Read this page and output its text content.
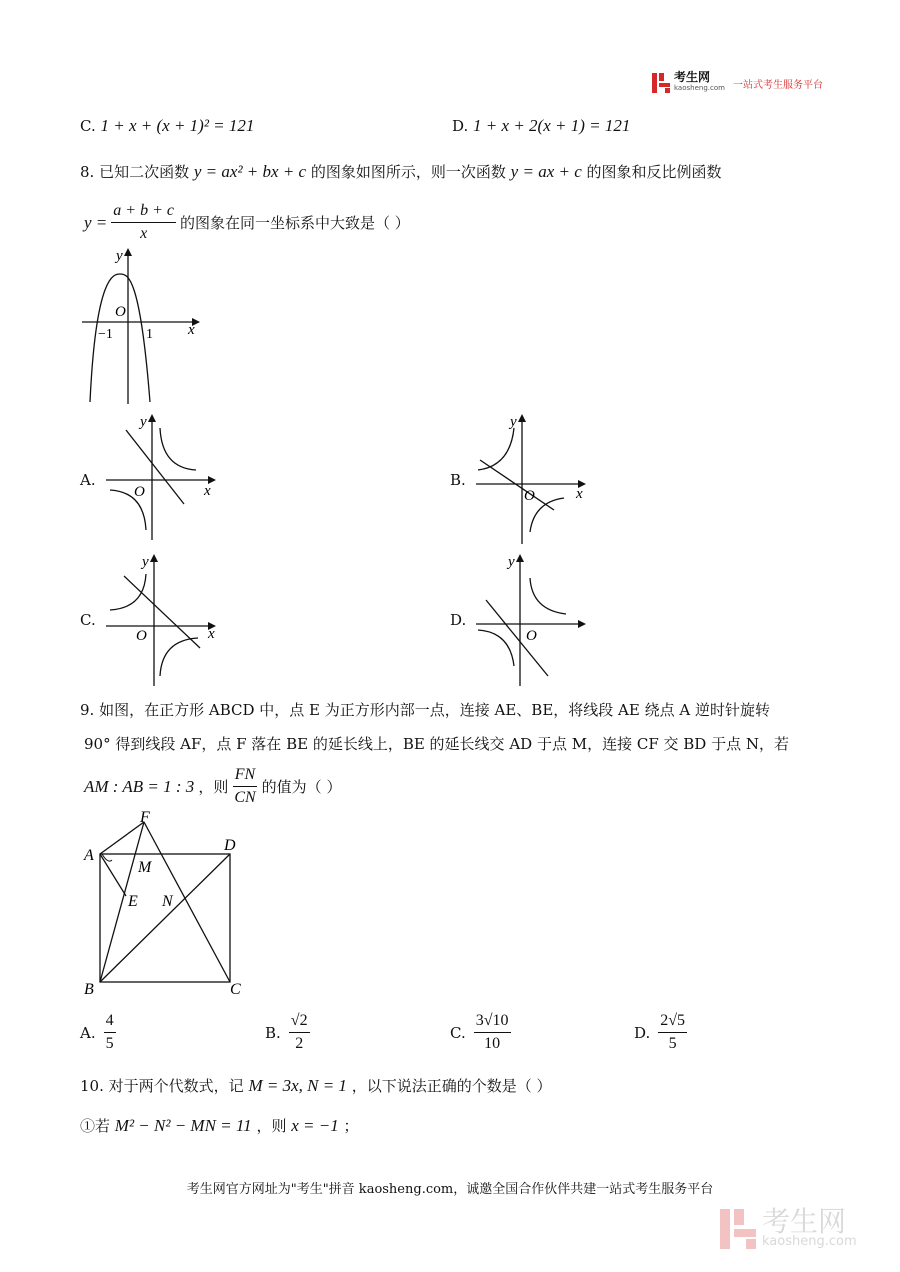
考生网
kaosheng.com 一站式考生服务平台
C. 1 + x + (x + 1)² = 121	D. 1 + x + 2(x + 1) = 121
8. 已知二次函数 y = ax² + bx + c 的图象如图所示，则一次函数 y = ax + c 的图象和反比例函数
$y = \frac{a + b + c}{x}$ 的图象在同一坐标系中大致是（ ）
y
x
O
−1 1
A.
y
x
O
B.
y
x
O
C.
y
x
O
D.
y
O
9. 如图，在正方形 ABCD 中，点 E 为正方形内部一点，连接 AE、BE，将线段 AE 绕点 A 逆时针旋转
90° 得到线段 AF，点 F 落在 BE 的延长线上，BE 的延长线交 AD 于点 M，连接 CF 交 BD 于点 N，若
AM : AB = 1 : 3 ，则 $\frac{FN}{CN}$ 的值为（ ）
A
B	C
D
E
F
M
N
A. $\frac{4}{5}$	B. $\frac{√2}{2}$	C. $\frac{3√10}{10}$	D. $\frac{2√5}{5}$
10. 对于两个代数式，记 M = 3x, N = 1 ，以下说法正确的个数是（ ）
①若 M² − N² − MN = 11 ，则 x = −1 ；
考生网官方网址为"考生"拼音 kaosheng.com，诚邀全国合作伙伴共建一站式考生服务平台
考生网
kaosheng.com
